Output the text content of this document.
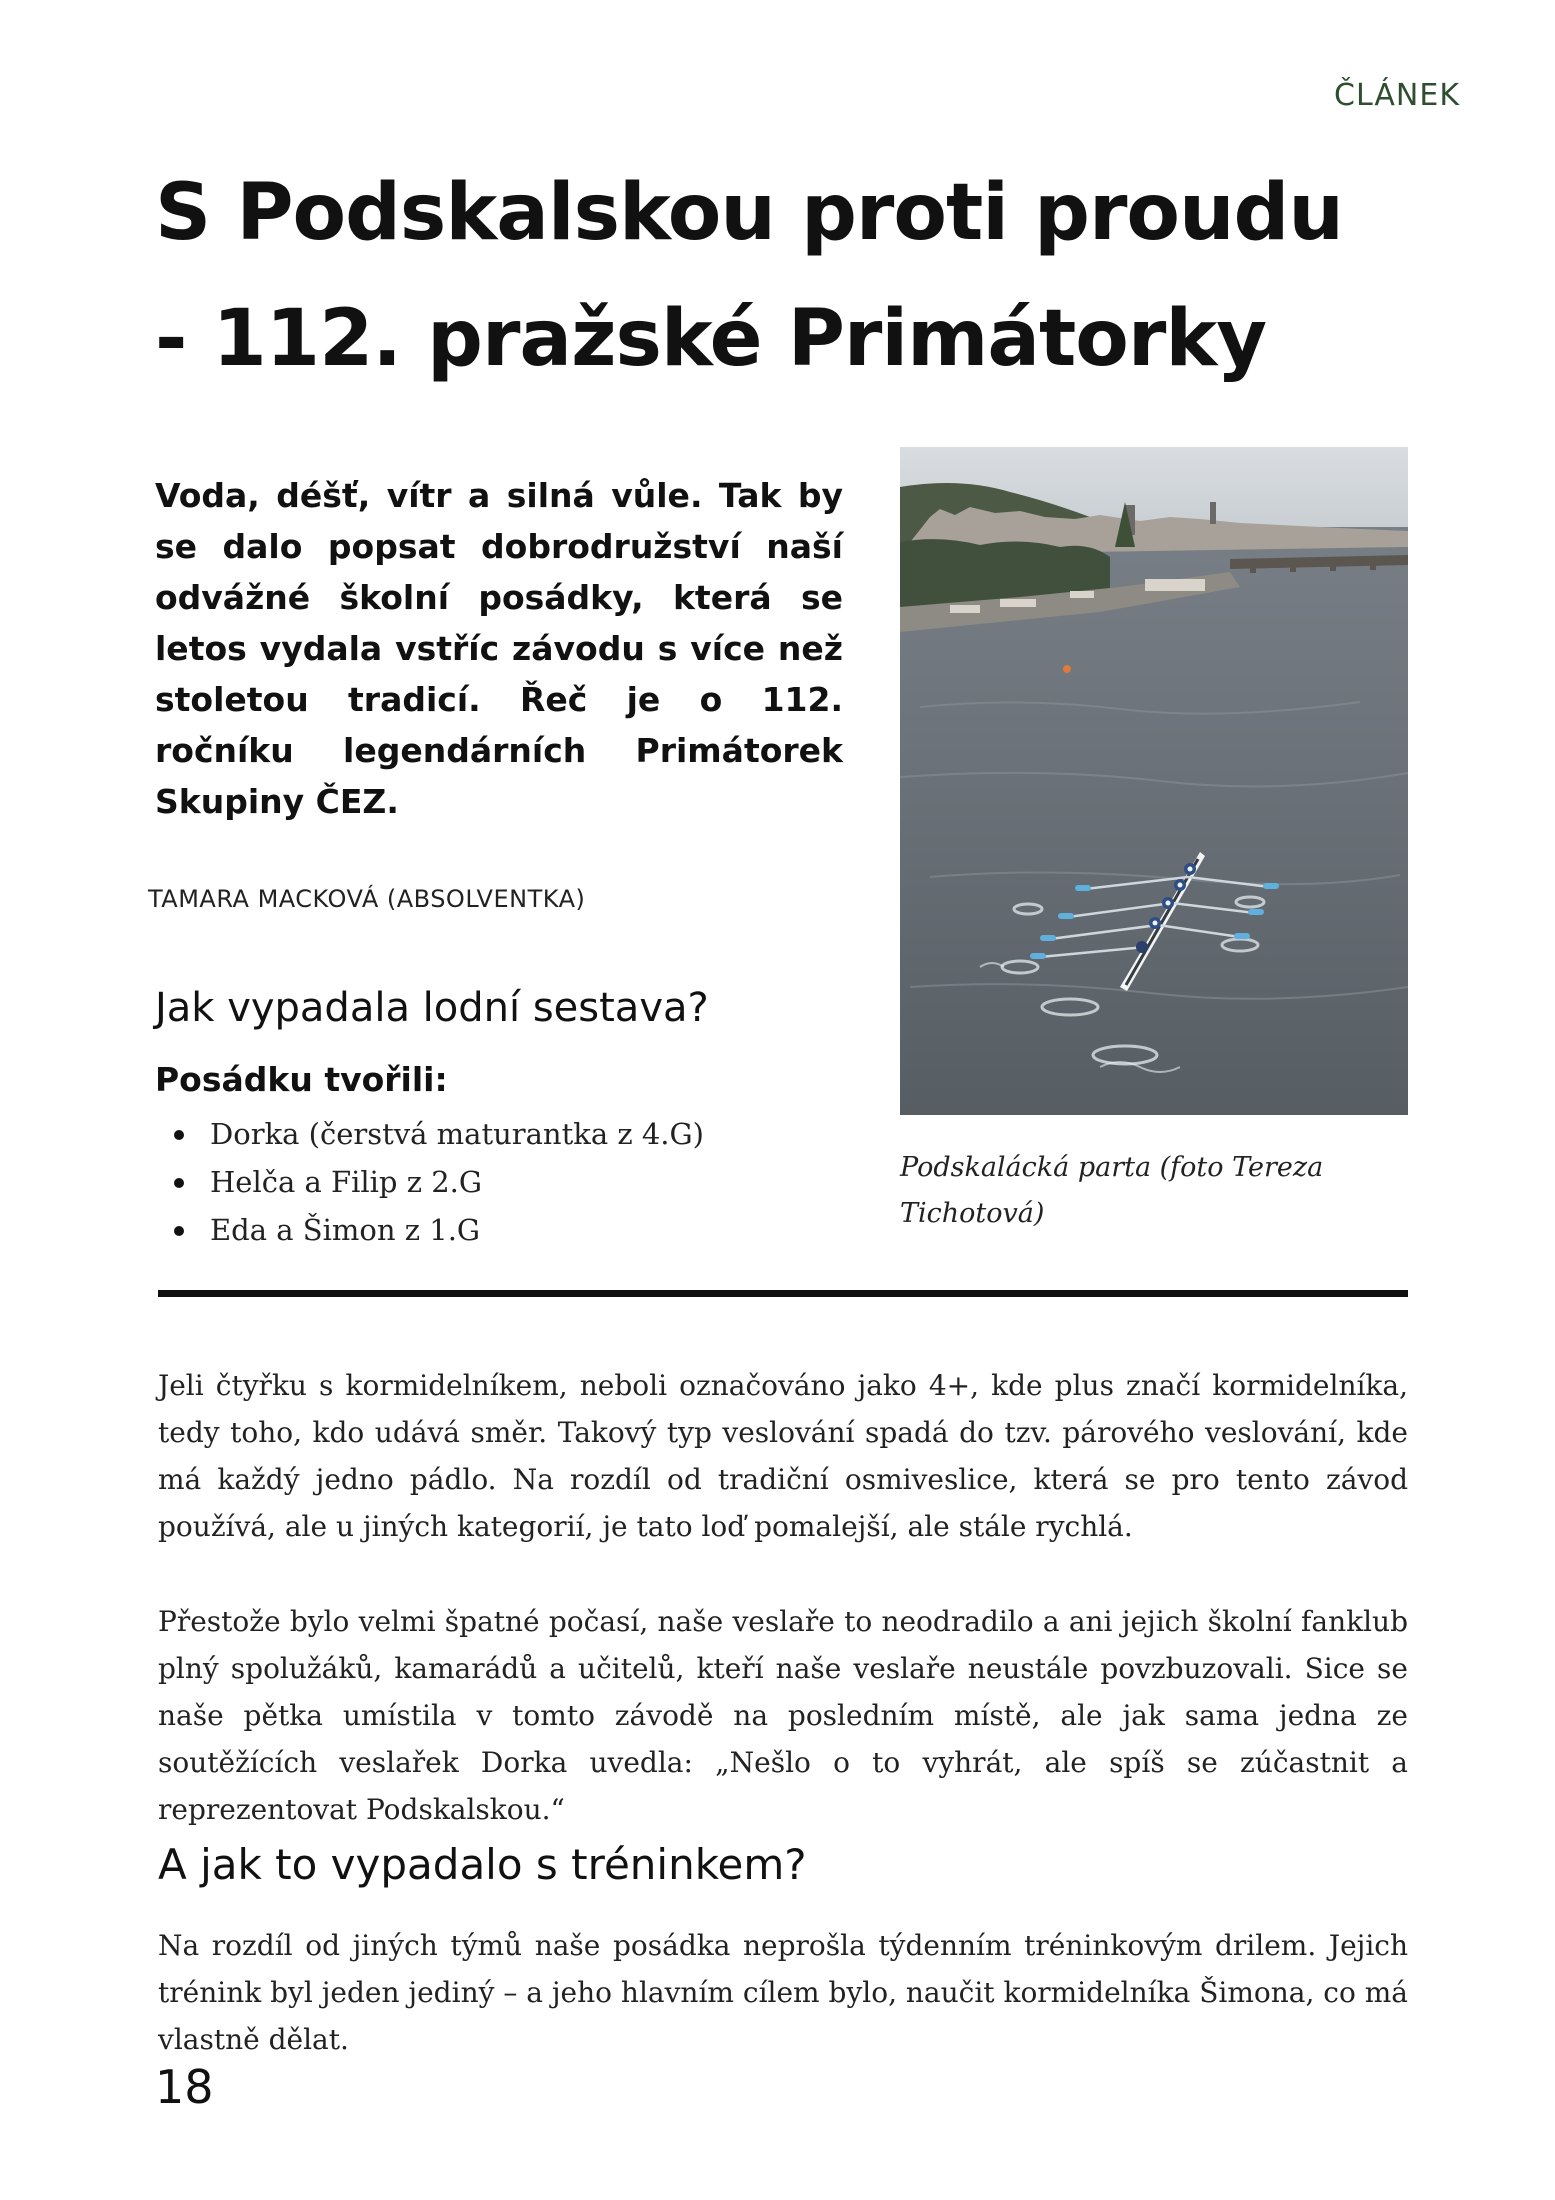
ČLÁNEK
S Podskalskou proti proudu
- 112. pražské Primátorky

Voda, déšť, vítr a silná vůle. Tak by se dalo popsat dobrodružství naší odvážné školní posádky, která se letos vydala vstříc závodu s více než stoletou tradicí. Řeč je o 112. ročníku legendárních Primátorek Skupiny ČEZ.

TAMARA MACKOVÁ (ABSOLVENTKA)
Jak vypadala lodní sestava?
Posádku tvořili:
Dorka (čerstvá maturantka z 4.G)
Helča a Filip z 2.G
Eda a Šimon z 1.G

Podskalácká parta (foto Tereza Tichotová)

Jeli čtyřku s kormidelníkem, neboli označováno jako 4+, kde plus značí kormidelníka, tedy toho, kdo udává směr. Takový typ veslování spadá do tzv. párového veslování, kde má každý jedno pádlo. Na rozdíl od tradiční osmiveslice, která se pro tento závod používá, ale u jiných kategorií, je tato loď pomalejší, ale stále rychlá.

Přestože bylo velmi špatné počasí, naše veslaře to neodradilo a ani jejich školní fanklub plný spolužáků, kamarádů a učitelů, kteří naše veslaře neustále povzbuzovali. Sice se naše pětka umístila v tomto závodě na posledním místě, ale jak sama jedna ze soutěžících veslařek Dorka uvedla: „Nešlo o to vyhrát, ale spíš se zúčastnit a reprezentovat Podskalskou.“

A jak to vypadalo s tréninkem?

Na rozdíl od jiných týmů naše posádka neprošla týdenním tréninkovým drilem. Jejich trénink byl jeden jediný – a jeho hlavním cílem bylo, naučit kormidelníka Šimona, co má vlastně dělat.

18
